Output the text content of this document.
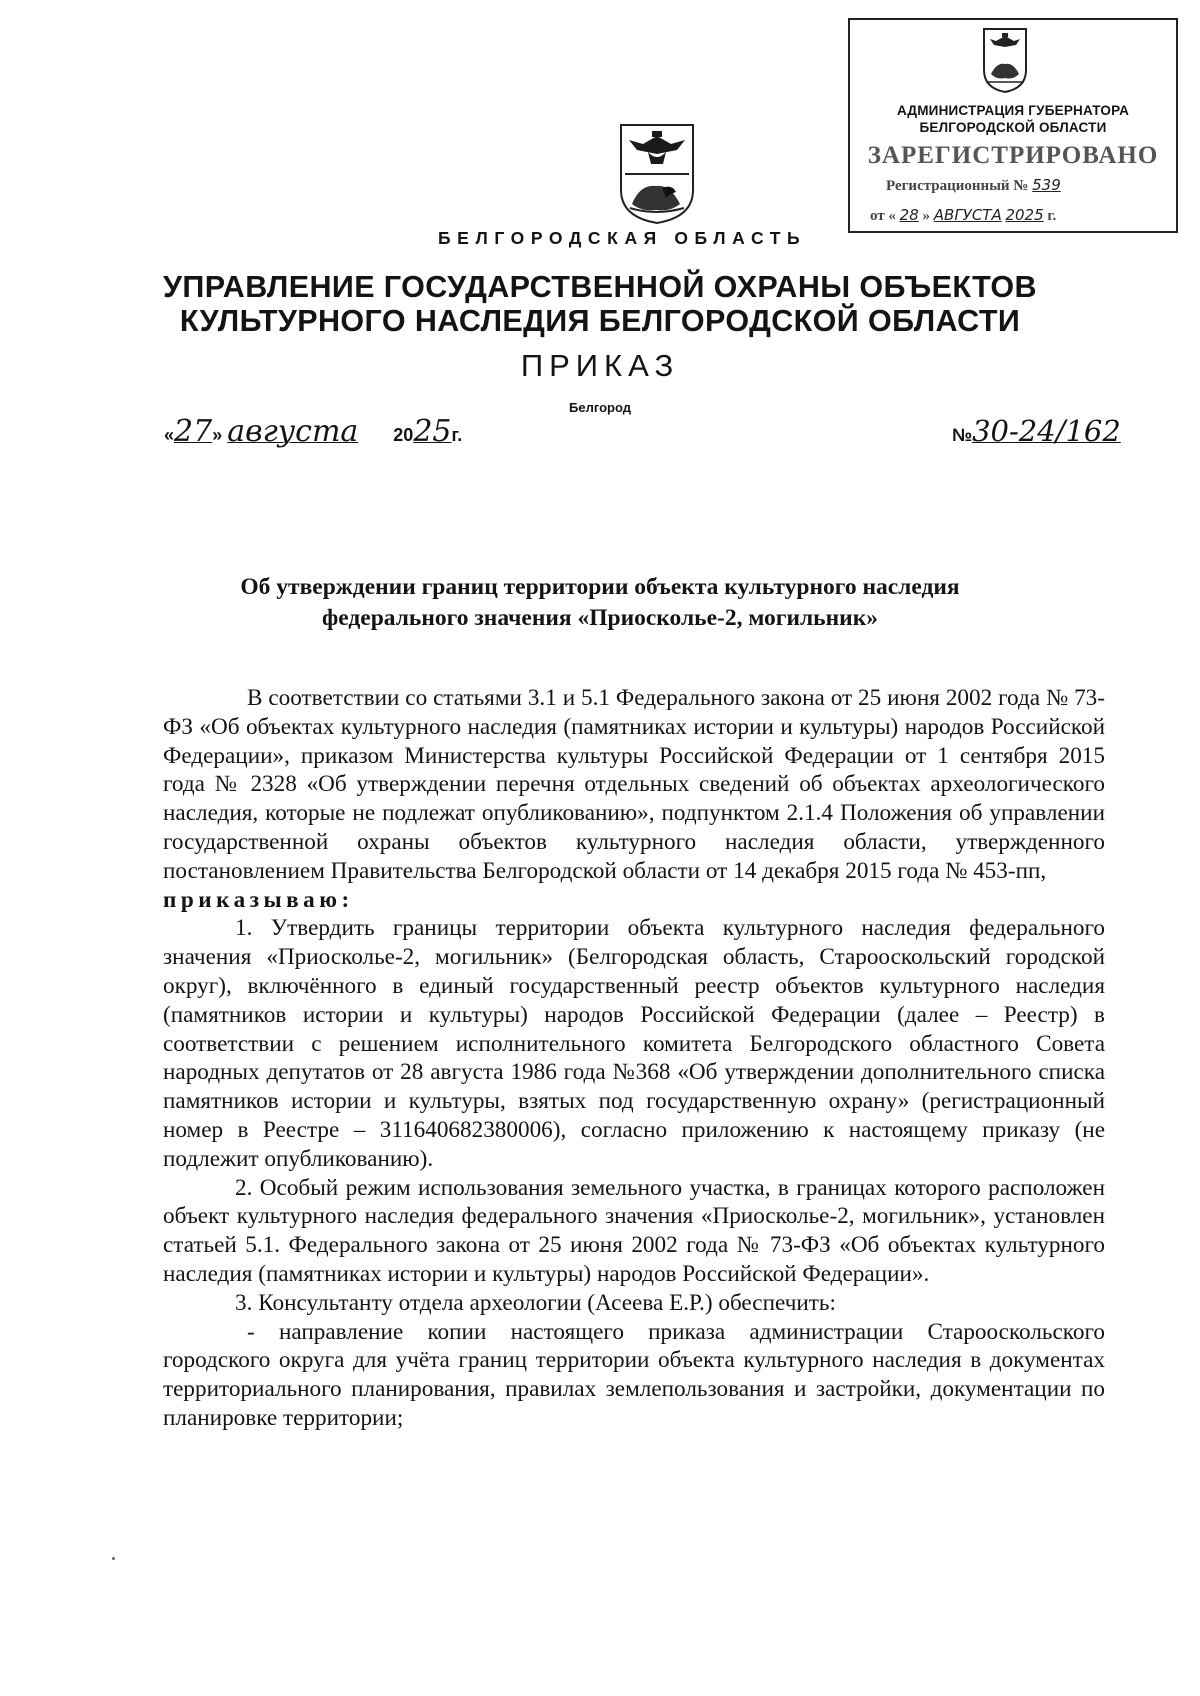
АДМИНИСТРАЦИЯ ГУБЕРНАТОРА
БЕЛГОРОДСКОЙ ОБЛАСТИ
ЗАРЕГИСТРИРОВАНО
Регистрационный № 539
от « 28 » АВГУСТА 2025 г.
БЕЛГОРОДСКАЯ ОБЛАСТЬ
УПРАВЛЕНИЕ ГОСУДАРСТВЕННОЙ ОХРАНЫ ОБЪЕКТОВ
КУЛЬТУРНОГО НАСЛЕДИЯ БЕЛГОРОДСКОЙ ОБЛАСТИ
ПРИКАЗ
Белгород
«27» августа 2025г.	№30-24/162
Об утверждении границ территории объекта культурного наследия
федерального значения «Приосколье-2, могильник»

В соответствии со статьями 3.1 и 5.1 Федерального закона от 25 июня 2002 года № 73-ФЗ «Об объектах культурного наследия (памятниках истории и культуры) народов Российской Федерации», приказом Министерства культуры Российской Федерации от 1 сентября 2015 года № 2328 «Об утверждении перечня отдельных сведений об объектах археологического наследия, которые не подлежат опубликованию», подпунктом 2.1.4 Положения об управлении государственной охраны объектов культурного наследия области, утвержденного постановлением Правительства Белгородской области от 14 декабря 2015 года № 453-пп,

приказываю:

1. Утвердить границы территории объекта культурного наследия федерального значения «Приосколье-2, могильник» (Белгородская область, Старооскольский городской округ), включённого в единый государственный реестр объектов культурного наследия (памятников истории и культуры) народов Российской Федерации (далее – Реестр) в соответствии с решением исполнительного комитета Белгородского областного Совета народных депутатов от 28 августа 1986 года №368 «Об утверждении дополнительного списка памятников истории и культуры, взятых под государственную охрану» (регистрационный номер в Реестре – 311640682380006), согласно приложению к настоящему приказу (не подлежит опубликованию).

2. Особый режим использования земельного участка, в границах которого расположен объект культурного наследия федерального значения «Приосколье-2, могильник», установлен статьей 5.1. Федерального закона от 25 июня 2002 года № 73-ФЗ «Об объектах культурного наследия (памятниках истории и культуры) народов Российской Федерации».

3. Консультанту отдела археологии (Асеева Е.Р.) обеспечить:

- направление копии настоящего приказа администрации Старооскольского городского округа для учёта границ территории объекта культурного наследия в документах территориального планирования, правилах землепользования и застройки, документации по планировке территории;
